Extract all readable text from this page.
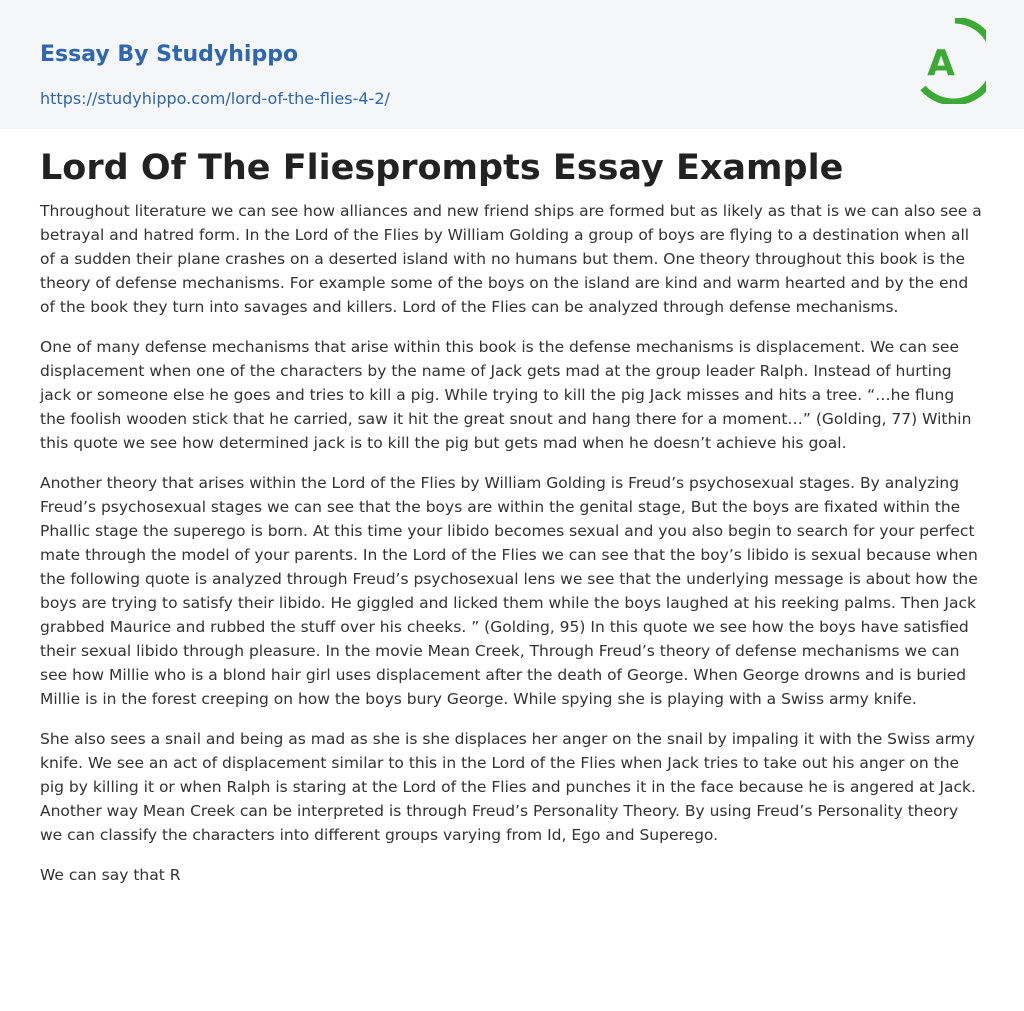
Essay By Studyhippo
https://studyhippo.com/lord-of-the-flies-4-2/
A
Lord Of The Fliesprompts Essay Example

Throughout literature we can see how alliances and new friend ships are formed but as likely as that is we can also see a betrayal and hatred form. In the Lord of the Flies by William Golding a group of boys are flying to a destination when all of a sudden their plane crashes on a deserted island with no humans but them. One theory throughout this book is the theory of defense mechanisms. For example some of the boys on the island are kind and warm hearted and by the end of the book they turn into savages and killers. Lord of the Flies can be analyzed through defense mechanisms.

One of many defense mechanisms that arise within this book is the defense mechanisms is displacement. We can see displacement when one of the characters by the name of Jack gets mad at the group leader Ralph. Instead of hurting jack or someone else he goes and tries to kill a pig. While trying to kill the pig Jack misses and hits a tree. “…he flung the foolish wooden stick that he carried, saw it hit the great snout and hang there for a moment…” (Golding, 77) Within this quote we see how determined jack is to kill the pig but gets mad when he doesn’t achieve his goal.

Another theory that arises within the Lord of the Flies by William Golding is Freud’s psychosexual stages. By analyzing Freud’s psychosexual stages we can see that the boys are within the genital stage, But the boys are fixated within the Phallic stage the superego is born. At this time your libido becomes sexual and you also begin to search for your perfect mate through the model of your parents. In the Lord of the Flies we can see that the boy’s libido is sexual because when the following quote is analyzed through Freud’s psychosexual lens we see that the underlying message is about how the boys are trying to satisfy their libido. He giggled and licked them while the boys laughed at his reeking palms. Then Jack grabbed Maurice and rubbed the stuff over his cheeks. ” (Golding, 95) In this quote we see how the boys have satisfied their sexual libido through pleasure. In the movie Mean Creek, Through Freud’s theory of defense mechanisms we can see how Millie who is a blond hair girl uses displacement after the death of George. When George drowns and is buried Millie is in the forest creeping on how the boys bury George. While spying she is playing with a Swiss army knife.

She also sees a snail and being as mad as she is she displaces her anger on the snail by impaling it with the Swiss army knife. We see an act of displacement similar to this in the Lord of the Flies when Jack tries to take out his anger on the pig by killing it or when Ralph is staring at the Lord of the Flies and punches it in the face because he is angered at Jack. Another way Mean Creek can be interpreted is through Freud’s Personality Theory. By using Freud’s Personality theory we can classify the characters into different groups varying from Id, Ego and Superego.

We can say that R
